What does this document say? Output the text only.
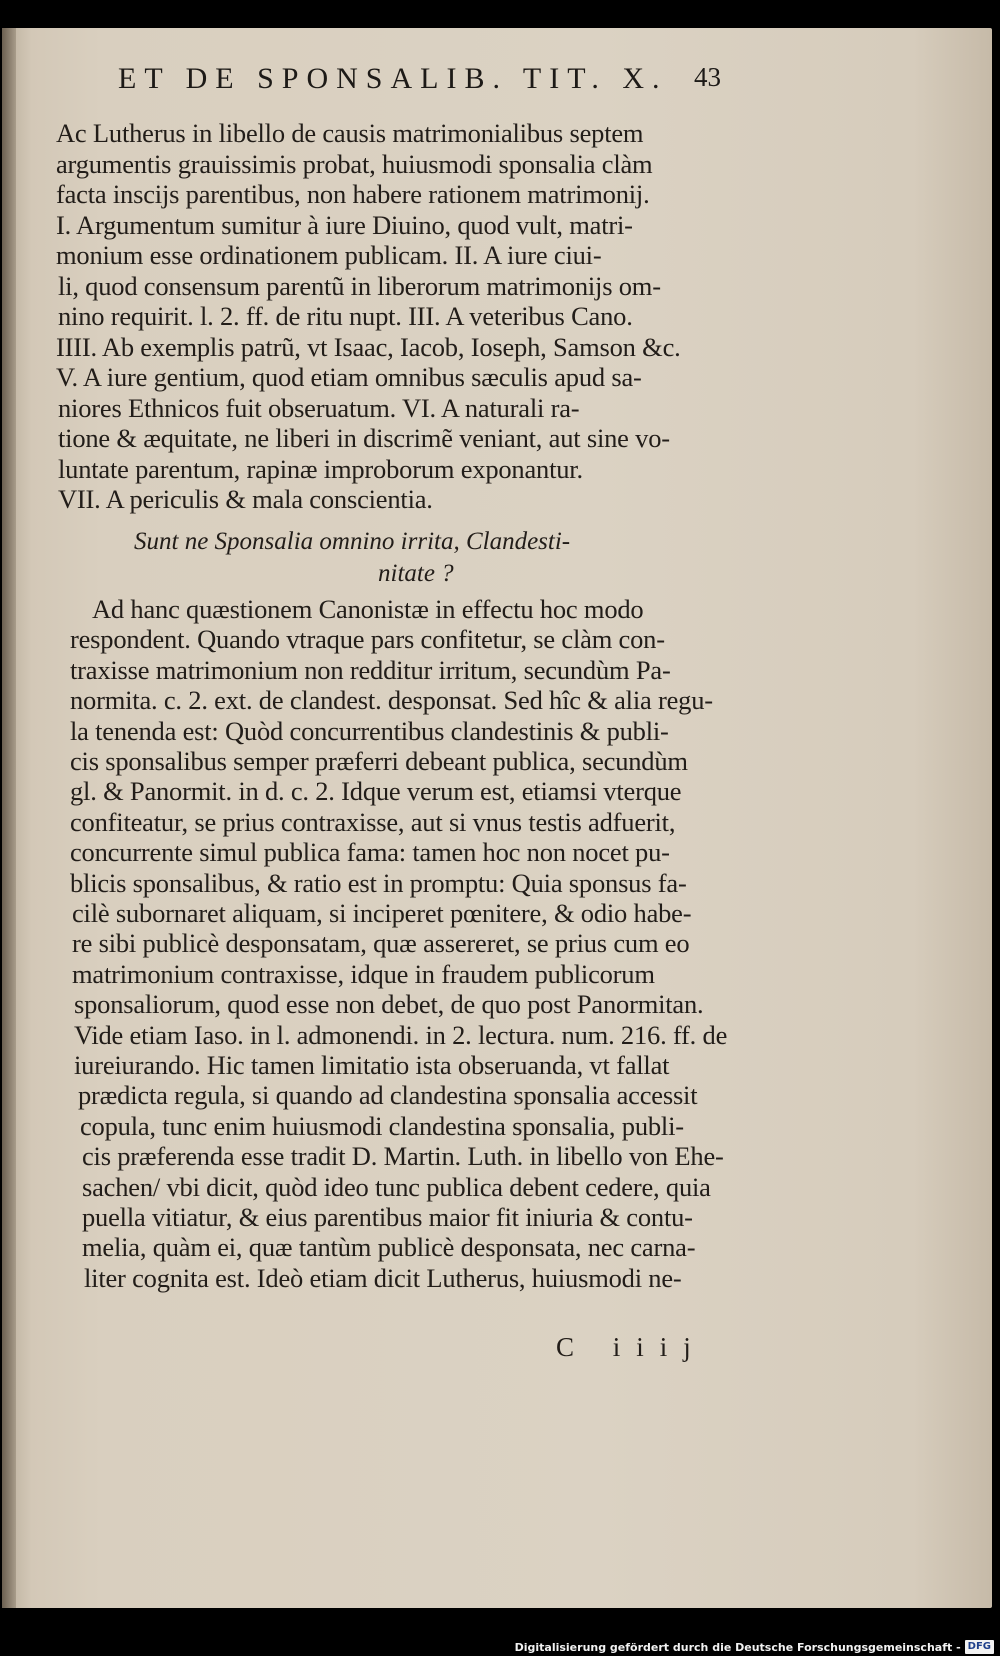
ET DE SPONSALIB. TIT. X. 43
Ac Lutherus in libello de causis matrimonialibus septem
argumentis grauissimis probat, huiusmodi sponsalia clàm
facta inscijs parentibus, non habere rationem matrimonij.
I. Argumentum sumitur à iure Diuino, quod vult, matri-
monium esse ordinationem publicam. II. A iure ciui-
li, quod consensum parentũ in liberorum matrimonijs om-
nino requirit. l. 2. ff. de ritu nupt. III. A veteribus Cano.
IIII. Ab exemplis patrũ, vt Isaac, Iacob, Ioseph, Samson &c.
V. A iure gentium, quod etiam omnibus sæculis apud sa-
niores Ethnicos fuit obseruatum. VI. A naturali ra-
tione & æquitate, ne liberi in discrimẽ veniant, aut sine vo-
luntate parentum, rapinæ improborum exponantur.
VII. A periculis & mala conscientia.
Sunt ne Sponsalia omnino irrita, Clandesti-
nitate ?
Ad hanc quæstionem Canonistæ in effectu hoc modo
respondent. Quando vtraque pars confitetur, se clàm con-
traxisse matrimonium non redditur irritum, secundùm Pa-
normita. c. 2. ext. de clandest. desponsat. Sed hîc & alia regu-
la tenenda est: Quòd concurrentibus clandestinis & publi-
cis sponsalibus semper præferri debeant publica, secundùm
gl. & Panormit. in d. c. 2. Idque verum est, etiamsi vterque
confiteatur, se prius contraxisse, aut si vnus testis adfuerit,
concurrente simul publica fama: tamen hoc non nocet pu-
blicis sponsalibus, & ratio est in promptu: Quia sponsus fa-
cilè subornaret aliquam, si inciperet pœnitere, & odio habe-
re sibi publicè desponsatam, quæ assereret, se prius cum eo
matrimonium contraxisse, idque in fraudem publicorum
sponsaliorum, quod esse non debet, de quo post Panormitan.
Vide etiam Iaso. in l. admonendi. in 2. lectura. num. 216. ff. de
iureiurando. Hic tamen limitatio ista obseruanda, vt fallat
prædicta regula, si quando ad clandestina sponsalia accessit
copula, tunc enim huiusmodi clandestina sponsalia, publi-
cis præferenda esse tradit D. Martin. Luth. in libello von Ehe-
sachen/ vbi dicit, quòd ideo tunc publica debent cedere, quia
puella vitiatur, & eius parentibus maior fit iniuria & contu-
melia, quàm ei, quæ tantùm publicè desponsata, nec carna-
liter cognita est. Ideò etiam dicit Lutherus, huiusmodi ne-
C iiij
Digitalisierung gefördert durch die Deutsche Forschungsgemeinschaft - DFG
